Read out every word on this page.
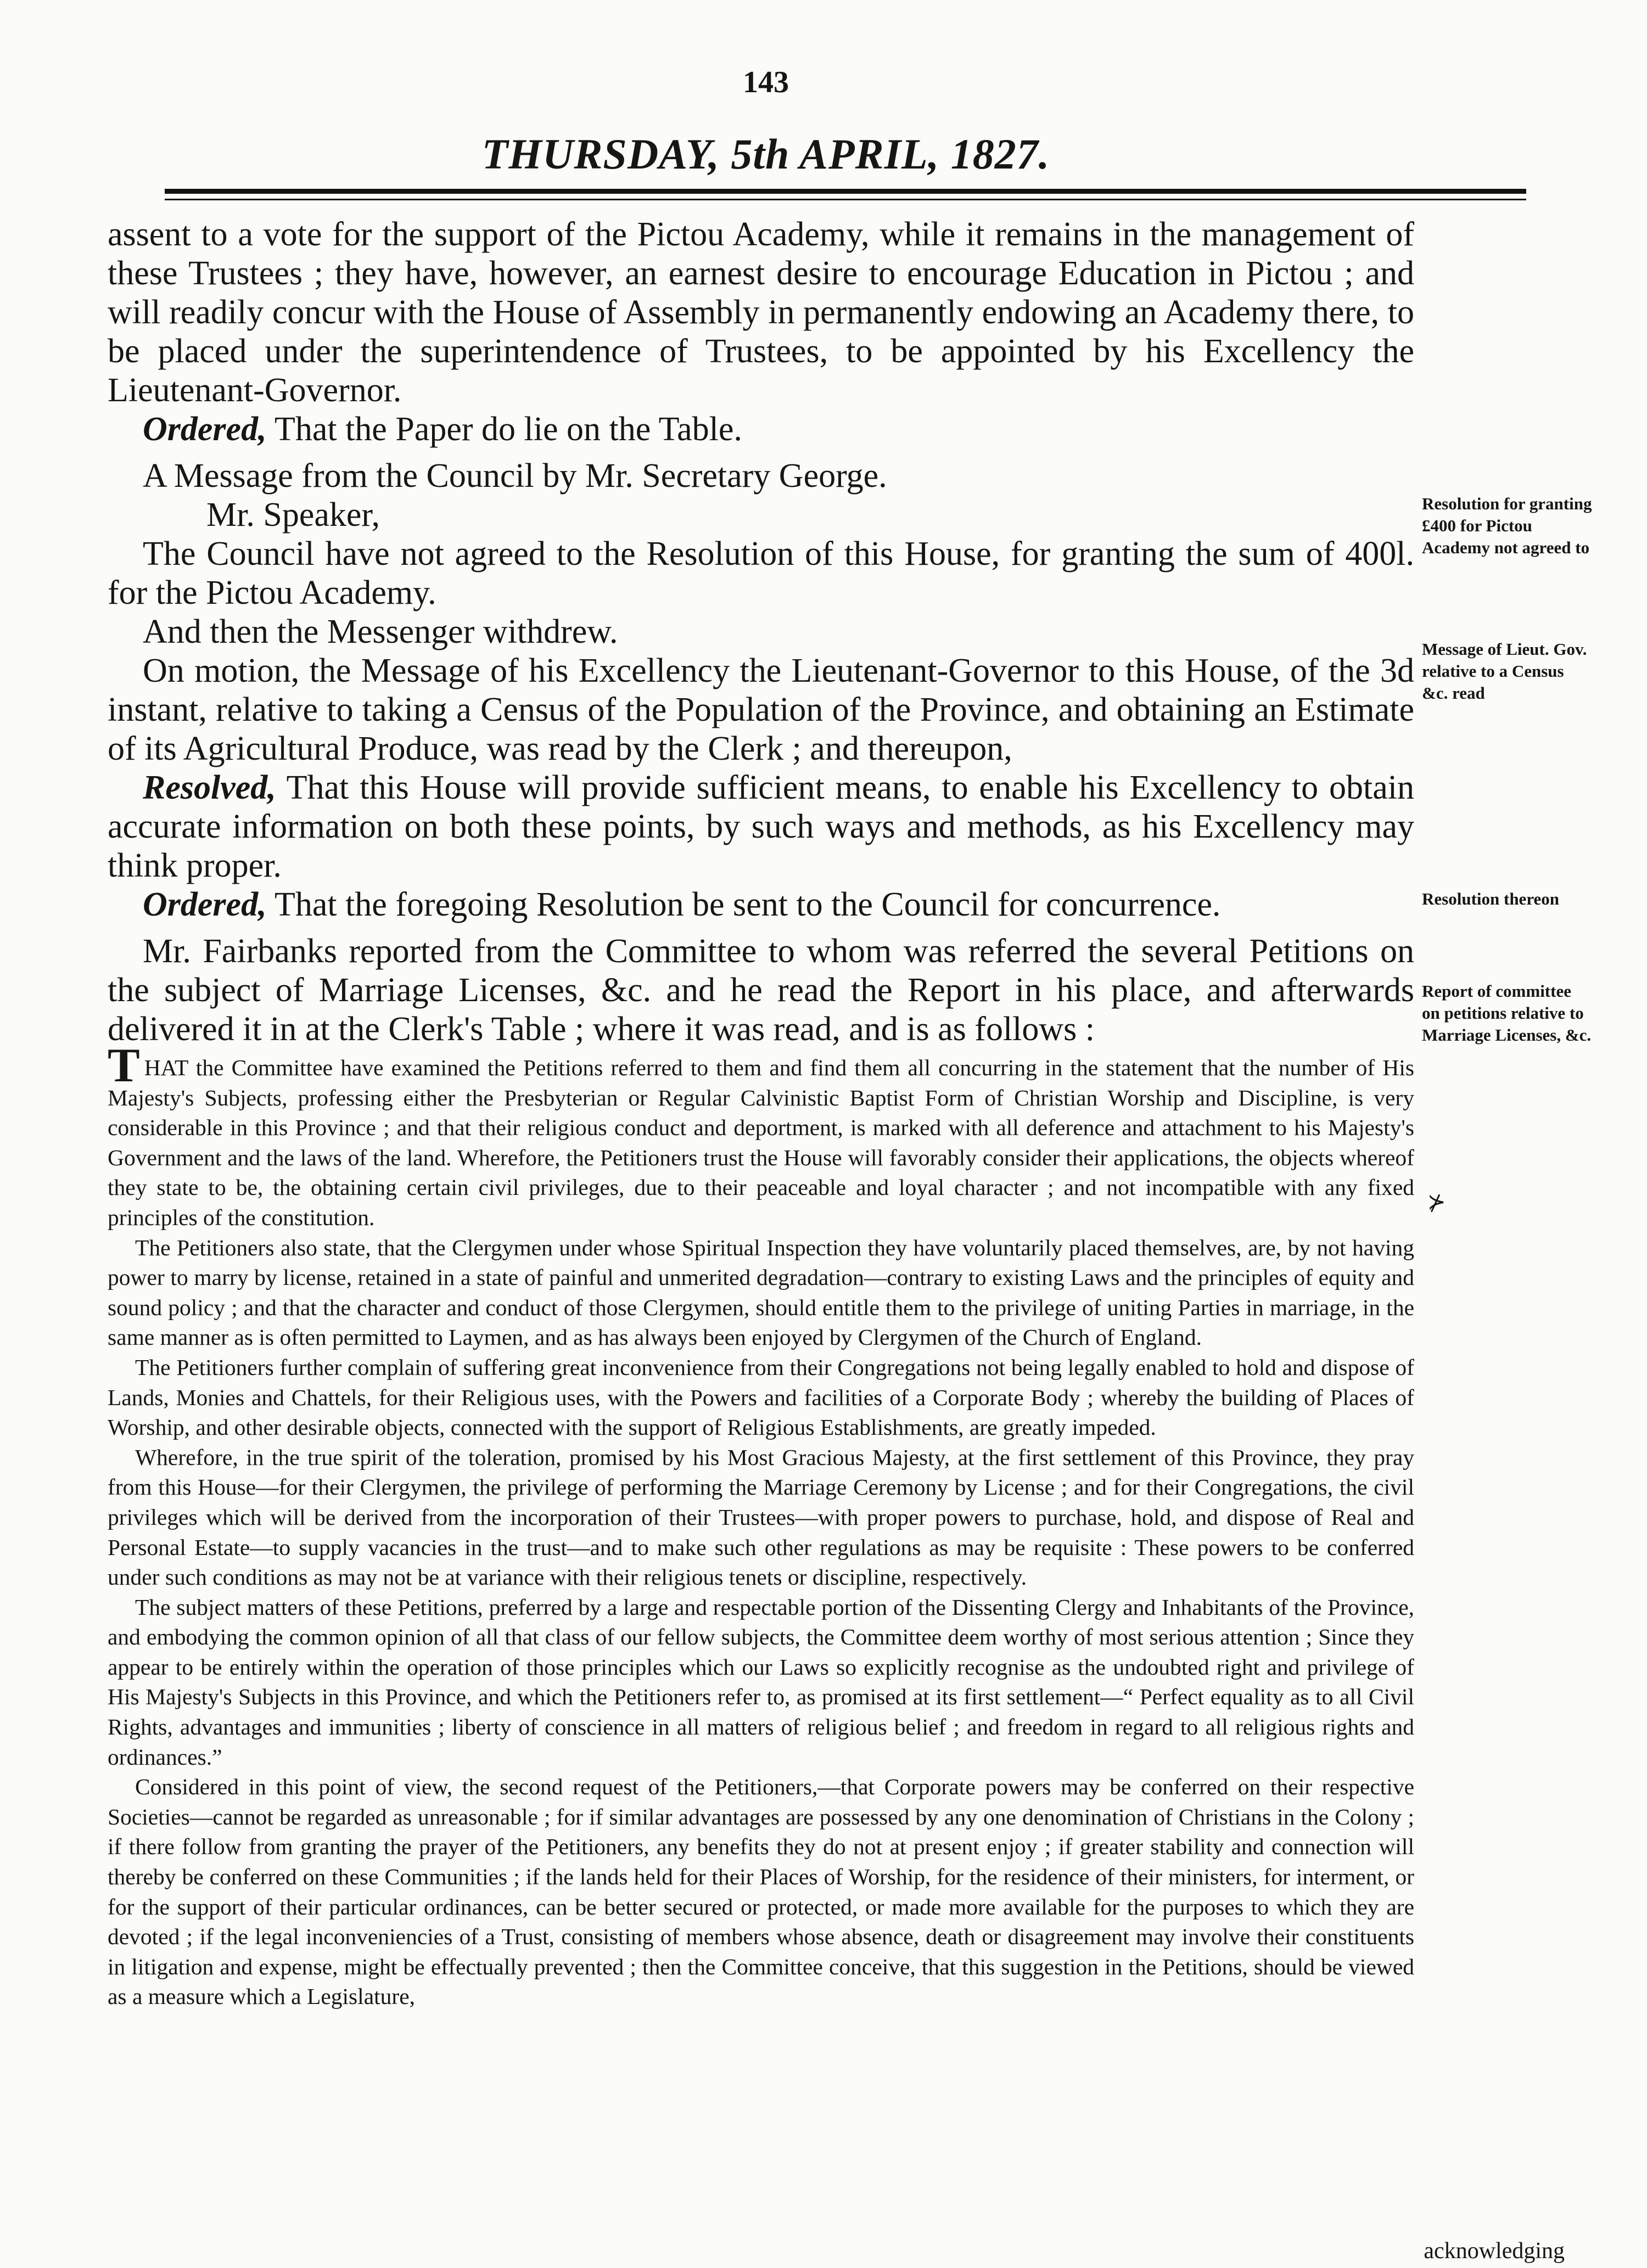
143
THURSDAY, 5th APRIL, 1827.

assent to a vote for the support of the Pictou Academy, while it remains in the management of these Trustees ; they have, however, an earnest desire to encourage Education in Pictou ; and will readily concur with the House of Assembly in permanently endowing an Academy there, to be placed under the superintendence of Trustees, to be appointed by his Excellency the Lieutenant-Governor.

Ordered, That the Paper do lie on the Table.

A Message from the Council by Mr. Secretary George.

Mr. Speaker,

The Council have not agreed to the Resolution of this House, for granting the sum of 400l. for the Pictou Academy.

And then the Messenger withdrew.

On motion, the Message of his Excellency the Lieutenant-Governor to this House, of the 3d instant, relative to taking a Census of the Population of the Province, and obtaining an Estimate of its Agricultural Produce, was read by the Clerk ; and thereupon,

Resolved, That this House will provide sufficient means, to enable his Excellency to obtain accurate information on both these points, by such ways and methods, as his Excellency may think proper.

Ordered, That the foregoing Resolution be sent to the Council for concurrence.

Mr. Fairbanks reported from the Committee to whom was referred the several Petitions on the subject of Marriage Licenses, &c. and he read the Report in his place, and afterwards delivered it in at the Clerk's Table ; where it was read, and is as follows :

THAT the Committee have examined the Petitions referred to them and find them all concurring in the statement that the number of His Majesty's Subjects, professing either the Presbyterian or Regular Calvinistic Baptist Form of Christian Worship and Discipline, is very considerable in this Province ; and that their religious conduct and deportment, is marked with all deference and attachment to his Majesty's Government and the laws of the land. Wherefore, the Petitioners trust the House will favorably consider their applications, the objects whereof they state to be, the obtaining certain civil privileges, due to their peaceable and loyal character ; and not incompatible with any fixed principles of the constitution.

The Petitioners also state, that the Clergymen under whose Spiritual Inspection they have voluntarily placed themselves, are, by not having power to marry by license, retained in a state of painful and unmerited degradation—contrary to existing Laws and the principles of equity and sound policy ; and that the character and conduct of those Clergymen, should entitle them to the privilege of uniting Parties in marriage, in the same manner as is often permitted to Laymen, and as has always been enjoyed by Clergymen of the Church of England.

The Petitioners further complain of suffering great inconvenience from their Congregations not being legally enabled to hold and dispose of Lands, Monies and Chattels, for their Religious uses, with the Powers and facilities of a Corporate Body ; whereby the building of Places of Worship, and other desirable objects, connected with the support of Religious Establishments, are greatly impeded.

Wherefore, in the true spirit of the toleration, promised by his Most Gracious Majesty, at the first settlement of this Province, they pray from this House—for their Clergymen, the privilege of performing the Marriage Ceremony by License ; and for their Congregations, the civil privileges which will be derived from the incorporation of their Trustees—with proper powers to purchase, hold, and dispose of Real and Personal Estate—to supply vacancies in the trust—and to make such other regulations as may be requisite : These powers to be conferred under such conditions as may not be at variance with their religious tenets or discipline, respectively.

The subject matters of these Petitions, preferred by a large and respectable portion of the Dissenting Clergy and Inhabitants of the Province, and embodying the common opinion of all that class of our fellow subjects, the Committee deem worthy of most serious attention ; Since they appear to be entirely within the operation of those principles which our Laws so explicitly recognise as the undoubted right and privilege of His Majesty's Subjects in this Province, and which the Petitioners refer to, as promised at its first settlement—“ Perfect equality as to all Civil Rights, advantages and immunities ; liberty of conscience in all matters of religious belief ; and freedom in regard to all religious rights and ordinances.”

Considered in this point of view, the second request of the Petitioners,—that Corporate powers may be conferred on their respective Societies—cannot be regarded as unreasonable ; for if similar advantages are possessed by any one denomination of Christians in the Colony ; if there follow from granting the prayer of the Petitioners, any benefits they do not at present enjoy ; if greater stability and connection will thereby be conferred on these Communities ; if the lands held for their Places of Worship, for the residence of their ministers, for interment, or for the support of their particular ordinances, can be better secured or protected, or made more available for the purposes to which they are devoted ; if the legal inconveniencies of a Trust, consisting of members whose absence, death or disagreement may involve their constituents in litigation and expense, might be effectually prevented ; then the Committee conceive, that this suggestion in the Petitions, should be viewed as a measure which a Legislature,

Resolution for granting £400 for Pictou Academy not agreed to
Message of Lieut. Gov. relative to a Census &c. read
Resolution thereon
Report of committee on petitions relative to Marriage Licenses, &c.
⊁
acknowledging
